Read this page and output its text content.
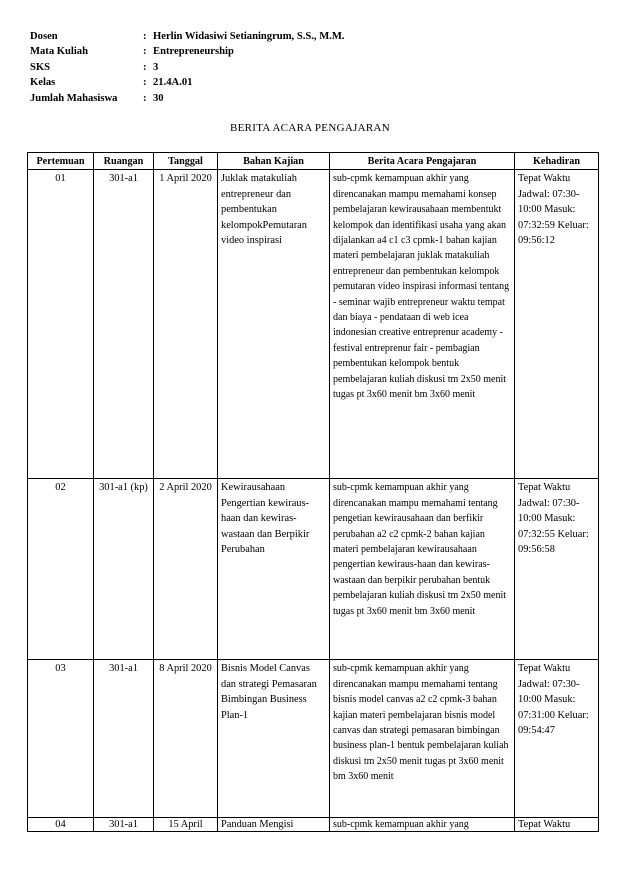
Dosen	: Herlin Widasiwi Setianingrum, S.S., M.M.
Mata Kuliah	: Entrepreneurship
SKS	: 3
Kelas	: 21.4A.01
Jumlah Mahasiswa	: 30
BERITA ACARA PENGAJARAN
Pertemuan	Ruangan	Tanggal	Bahan Kajian	Berita Acara Pengajaran	Kehadiran
01	301-a1	1 April 2020	Juklak matakuliah entrepreneur dan pembentukan kelompokPemutaran video inspirasi	sub-cpmk kemampuan akhir yang direncanakan mampu memahami konsep pembelajaran kewirausahaan membentukt kelompok dan identifikasi usaha yang akan dijalankan a4 c1 c3 cpmk-1 bahan kajian materi pembelajaran juklak matakuliah entrepreneur dan pembentukan kelompok pemutaran video inspirasi informasi tentang - seminar wajib entrepreneur waktu tempat dan biaya - pendataan di web icea indonesian creative entreprenur academy - festival entreprenur fair - pembagian pembentukan kelompok bentuk pembelajaran kuliah diskusi tm 2x50 menit tugas pt 3x60 menit bm 3x60 menit	Tepat Waktu Jadwal: 07:30-10:00 Masuk: 07:32:59 Keluar: 09:56:12
02	301-a1 (kp)	2 April 2020	Kewirausahaan Pengertian kewiraus-haan dan kewiras-wastaan dan Berpikir Perubahan	sub-cpmk kemampuan akhir yang direncanakan mampu memahami tentang pengetian kewirausahaan dan berfikir perubahan a2 c2 cpmk-2 bahan kajian materi pembelajaran kewirausahaan pengertian kewiraus-haan dan kewiras-wastaan dan berpikir perubahan bentuk pembelajaran kuliah diskusi tm 2x50 menit tugas pt 3x60 menit bm 3x60 menit	Tepat Waktu Jadwal: 07:30-10:00 Masuk: 07:32:55 Keluar: 09:56:58
03	301-a1	8 April 2020	Bisnis Model Canvas dan strategi Pemasaran Bimbingan Business Plan-1	sub-cpmk kemampuan akhir yang direncanakan mampu memahami tentang bisnis model canvas a2 c2 cpmk-3 bahan kajian materi pembelajaran bisnis model canvas dan strategi pemasaran bimbingan business plan-1 bentuk pembelajaran kuliah diskusi tm 2x50 menit tugas pt 3x60 menit bm 3x60 menit	Tepat Waktu Jadwal: 07:30-10:00 Masuk: 07:31:00 Keluar: 09:54:47

04	301-a1	15 April	Panduan Mengisi	sub-cpmk kemampuan akhir yang	Tepat Waktu
